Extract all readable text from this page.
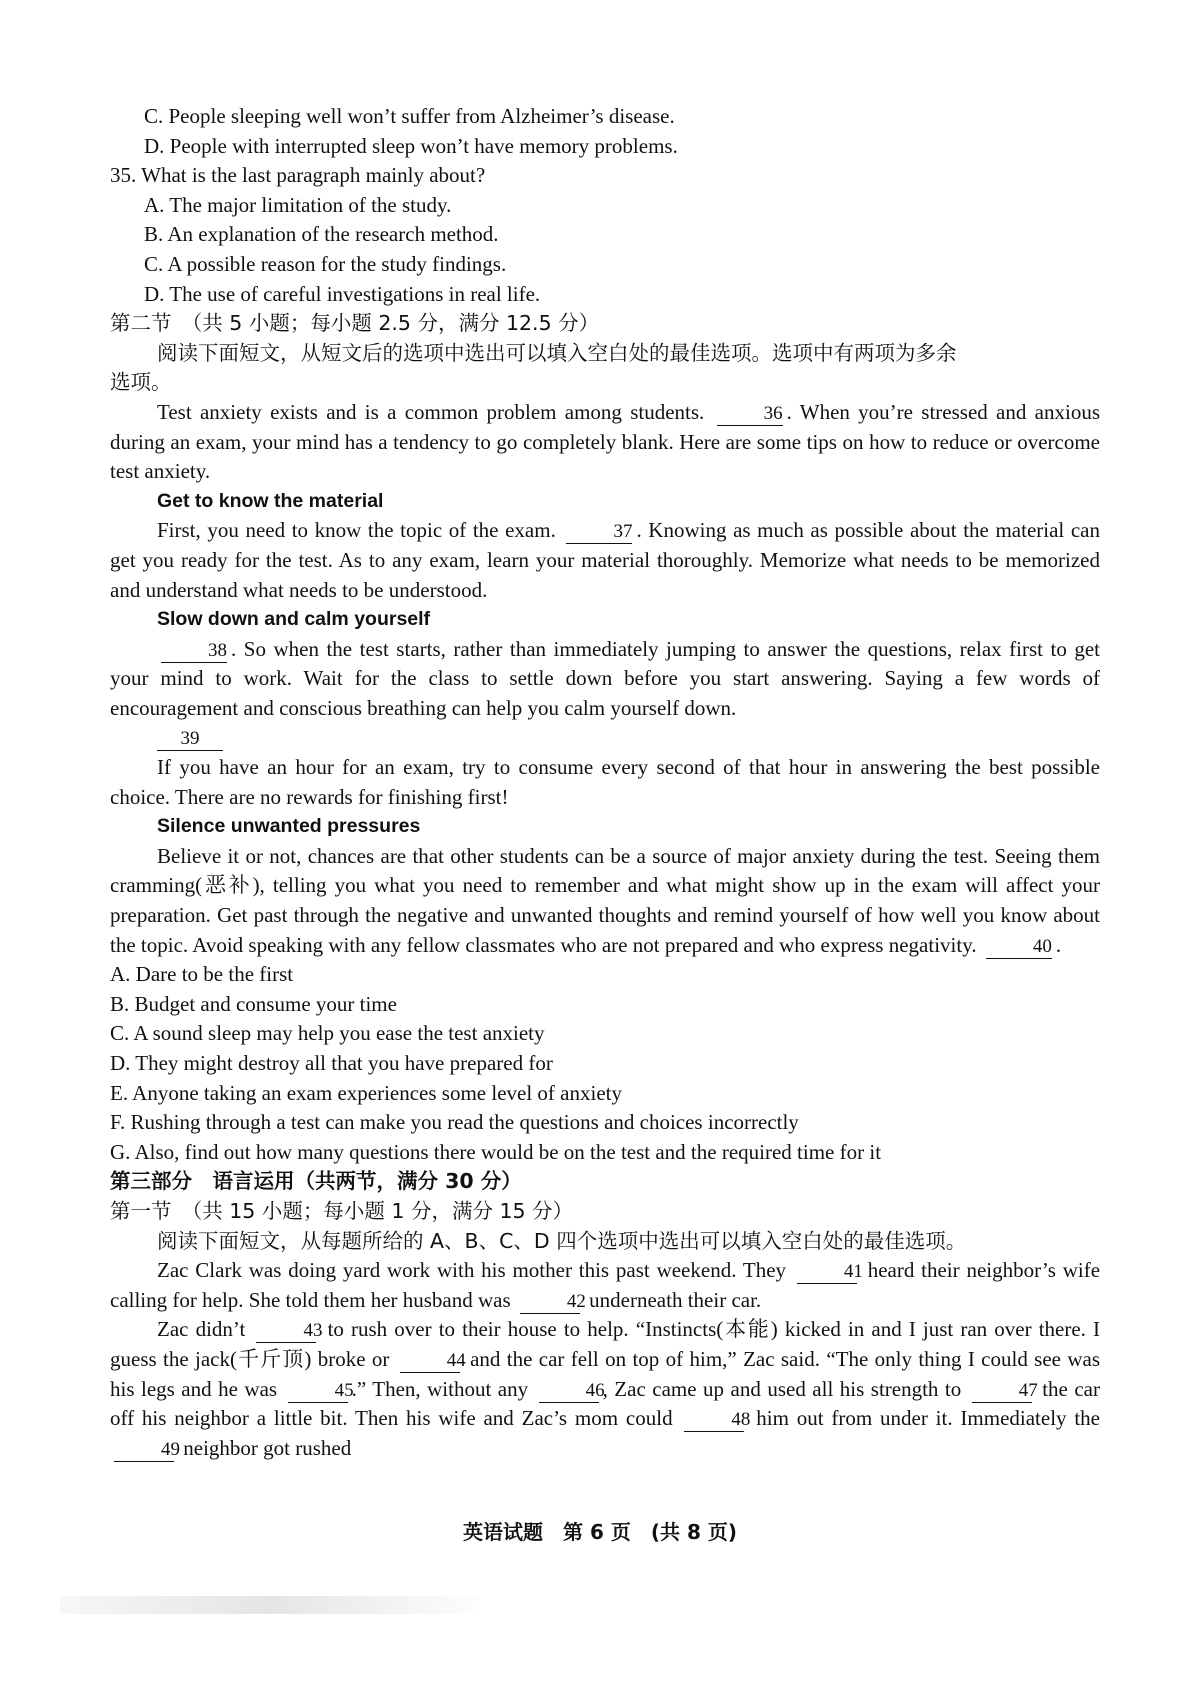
C. People sleeping well won’t suffer from Alzheimer’s disease.
D. People with interrupted sleep won’t have memory problems.
35. What is the last paragraph mainly about?
A. The major limitation of the study.
B. An explanation of the research method.
C. A possible reason for the study findings.
D. The use of careful investigations in real life.
第二节　（共 5 小题；每小题 2.5 分，满分 12.5 分）
阅读下面短文，从短文后的选项中选出可以填入空白处的最佳选项。选项中有两项为多余
选项。
Test anxiety exists and is a common problem among students.	36 . When you’re stressed and anxious during an exam, your mind has a tendency to go completely blank. Here are some tips on how to reduce or overcome test anxiety.
Get to know the material
First, you need to know the topic of the exam.	37 . Knowing as much as possible about the material can get you ready for the test. As to any exam, learn your material thoroughly. Memorize what needs to be memorized and understand what needs to be understood.
Slow down and calm yourself
38 . So when the test starts, rather than immediately jumping to answer the questions, relax first to get your mind to work. Wait for the class to settle down before you start answering. Saying a few words of encouragement and conscious breathing can help you calm yourself down.
39
If you have an hour for an exam, try to consume every second of that hour in answering the best possible choice. There are no rewards for finishing first!
Silence unwanted pressures
Believe it or not, chances are that other students can be a source of major anxiety during the test. Seeing them cramming(恶补), telling you what you need to remember and what might show up in the exam will affect your preparation. Get past through the negative and unwanted thoughts and remind yourself of how well you know about the topic. Avoid speaking with any fellow classmates who are not prepared and who express negativity.	40 .
A. Dare to be the first
B. Budget and consume your time
C. A sound sleep may help you ease the test anxiety
D. They might destroy all that you have prepared for
E. Anyone taking an exam experiences some level of anxiety
F. Rushing through a test can make you read the questions and choices incorrectly
G. Also, find out how many questions there would be on the test and the required time for it
第三部分　语言运用（共两节，满分 30 分）
第一节　（共 15 小题；每小题 1 分，满分 15 分）
阅读下面短文，从每题所给的 A、B、C、D 四个选项中选出可以填入空白处的最佳选项。
Zac Clark was doing yard work with his mother this past weekend. They	41 heard their neighbor’s wife calling for help. She told them her husband was	42 underneath their car.
Zac didn’t	43 to rush over to their house to help. “Instincts(本能) kicked in and I just ran over there. I guess the jack(千斤顶) broke or	44 and the car fell on top of him,” Zac said. “The only thing I could see was his legs and he was	45.” Then, without any	46, Zac came up and used all his strength to	47 the car off his neighbor a little bit. Then his wife and Zac’s mom could	48 him out from under it. Immediately the 49 neighbor got rushed
英语试题　第 6 页　(共 8 页)
